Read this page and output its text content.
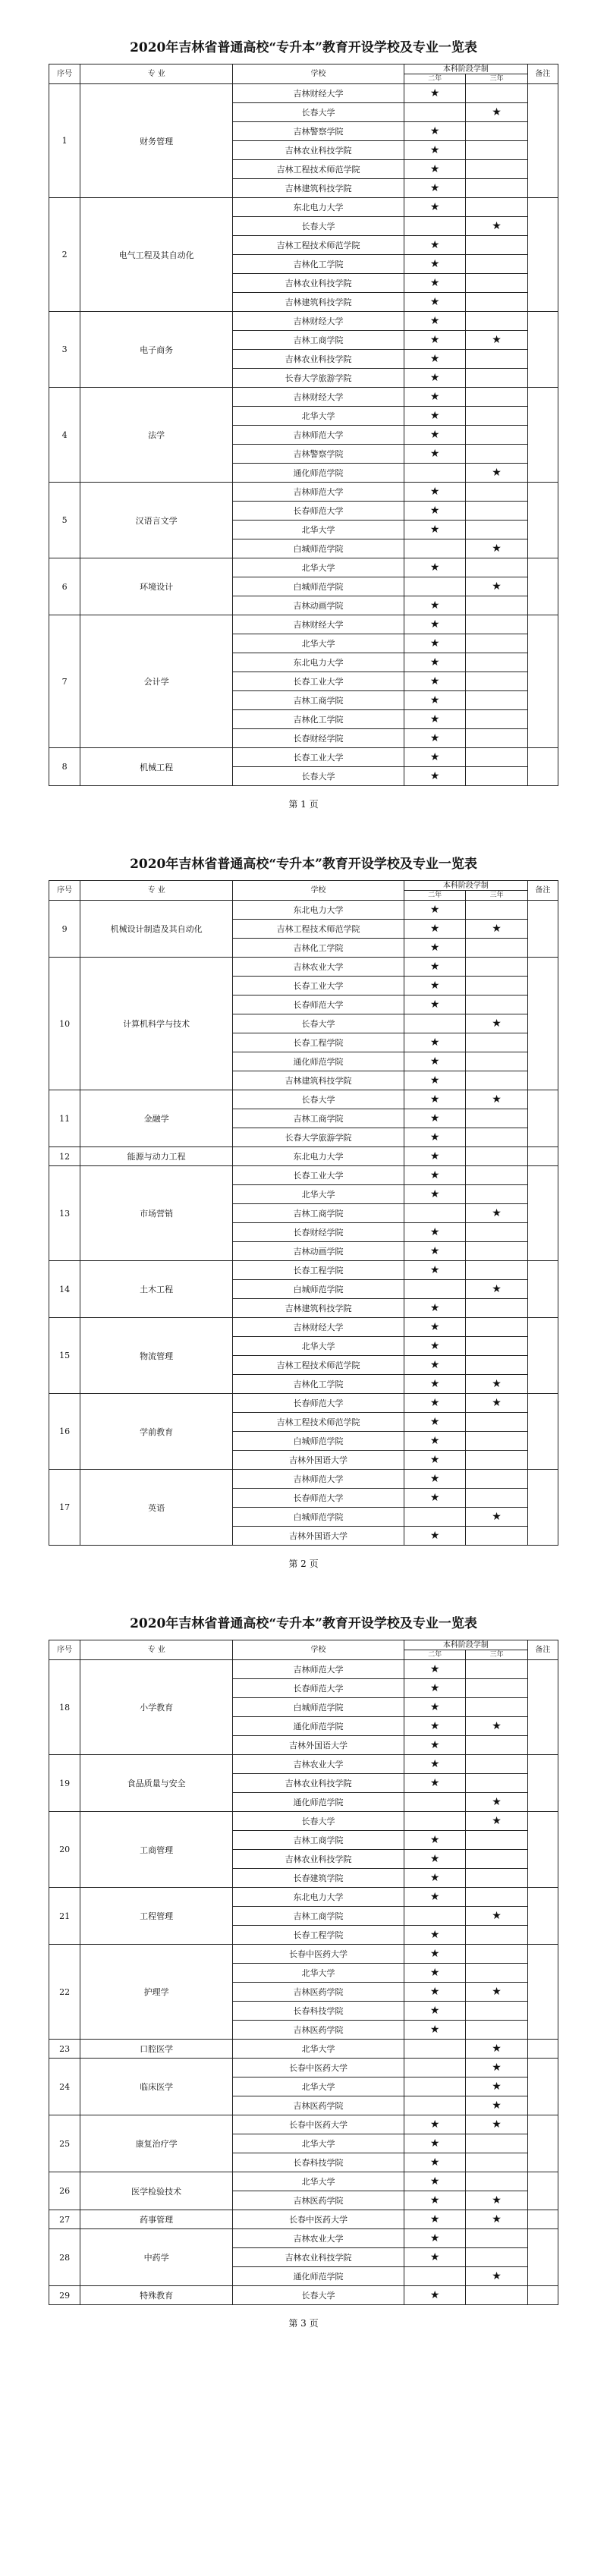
2020年吉林省普通高校“专升本”教育开设学校及专业一览表
序号	专 业	学校	本科阶段学制		备注
			二年	三年	
1	财务管理	吉林财经大学	★		
		长春大学		★	
		吉林警察学院	★		
		吉林农业科技学院	★		
		吉林工程技术师范学院	★		
		吉林建筑科技学院	★		
2	电气工程及其自动化	东北电力大学	★		
		长春大学		★	
		吉林工程技术师范学院	★		
		吉林化工学院	★		
		吉林农业科技学院	★		
		吉林建筑科技学院	★		
3	电子商务	吉林财经大学	★		
		吉林工商学院	★	★	
		吉林农业科技学院	★		
		长春大学旅游学院	★		
4	法学	吉林财经大学	★		
		北华大学	★		
		吉林师范大学	★		
		吉林警察学院	★		
		通化师范学院		★	
5	汉语言文学	吉林师范大学	★		
		长春师范大学	★		
		北华大学	★		
		白城师范学院		★	
6	环境设计	北华大学	★		
		白城师范学院		★	
		吉林动画学院	★		
7	会计学	吉林财经大学	★		
		北华大学	★		
		东北电力大学	★		
		长春工业大学	★		
		吉林工商学院	★		
		吉林化工学院	★		
		长春财经学院	★		
8	机械工程	长春工业大学	★		
		长春大学	★		
第 1 页
2020年吉林省普通高校“专升本”教育开设学校及专业一览表
序号	专 业	学校	本科阶段学制		备注
			二年	三年	
9	机械设计制造及其自动化	东北电力大学	★		
		吉林工程技术师范学院	★	★	
		吉林化工学院	★		
10	计算机科学与技术	吉林农业大学	★		
		长春工业大学	★		
		长春师范大学	★		
		长春大学		★	
		长春工程学院	★		
		通化师范学院	★		
		吉林建筑科技学院	★		
11	金融学	长春大学	★	★	
		吉林工商学院	★		
		长春大学旅游学院	★		
12	能源与动力工程	东北电力大学	★		
13	市场营销	长春工业大学	★		
		北华大学	★		
		吉林工商学院		★	
		长春财经学院	★		
		吉林动画学院	★		
14	土木工程	长春工程学院	★		
		白城师范学院		★	
		吉林建筑科技学院	★		
15	物流管理	吉林财经大学	★		
		北华大学	★		
		吉林工程技术师范学院	★		
		吉林化工学院	★	★	
16	学前教育	长春师范大学	★	★	
		吉林工程技术师范学院	★		
		白城师范学院	★		
		吉林外国语大学	★		
17	英语	吉林师范大学	★		
		长春师范大学	★		
		白城师范学院		★	
		吉林外国语大学	★		
第 2 页
2020年吉林省普通高校“专升本”教育开设学校及专业一览表
序号	专 业	学校	本科阶段学制		备注
			二年	三年	
18	小学教育	吉林师范大学	★		
		长春师范大学	★		
		白城师范学院	★		
		通化师范学院	★	★	
		吉林外国语大学	★		
19	食品质量与安全	吉林农业大学	★		
		吉林农业科技学院	★		
		通化师范学院		★	
20	工商管理	长春大学		★	
		吉林工商学院	★		
		吉林农业科技学院	★		
		长春建筑学院	★		
21	工程管理	东北电力大学	★		
		吉林工商学院		★	
		长春工程学院	★		
22	护理学	长春中医药大学	★		
		北华大学	★		
		吉林医药学院	★	★	
		长春科技学院	★		
		吉林医药学院	★		
23	口腔医学	北华大学		★	
24	临床医学	长春中医药大学		★	
		北华大学		★	
		吉林医药学院		★	
25	康复治疗学	长春中医药大学	★	★	
		北华大学	★		
		长春科技学院	★		
26	医学检验技术	北华大学	★		
		吉林医药学院	★	★	
27	药事管理	长春中医药大学	★	★	
28	中药学	吉林农业大学	★		
		吉林农业科技学院	★		
		通化师范学院		★	
29	特殊教育	长春大学	★		
第 3 页
